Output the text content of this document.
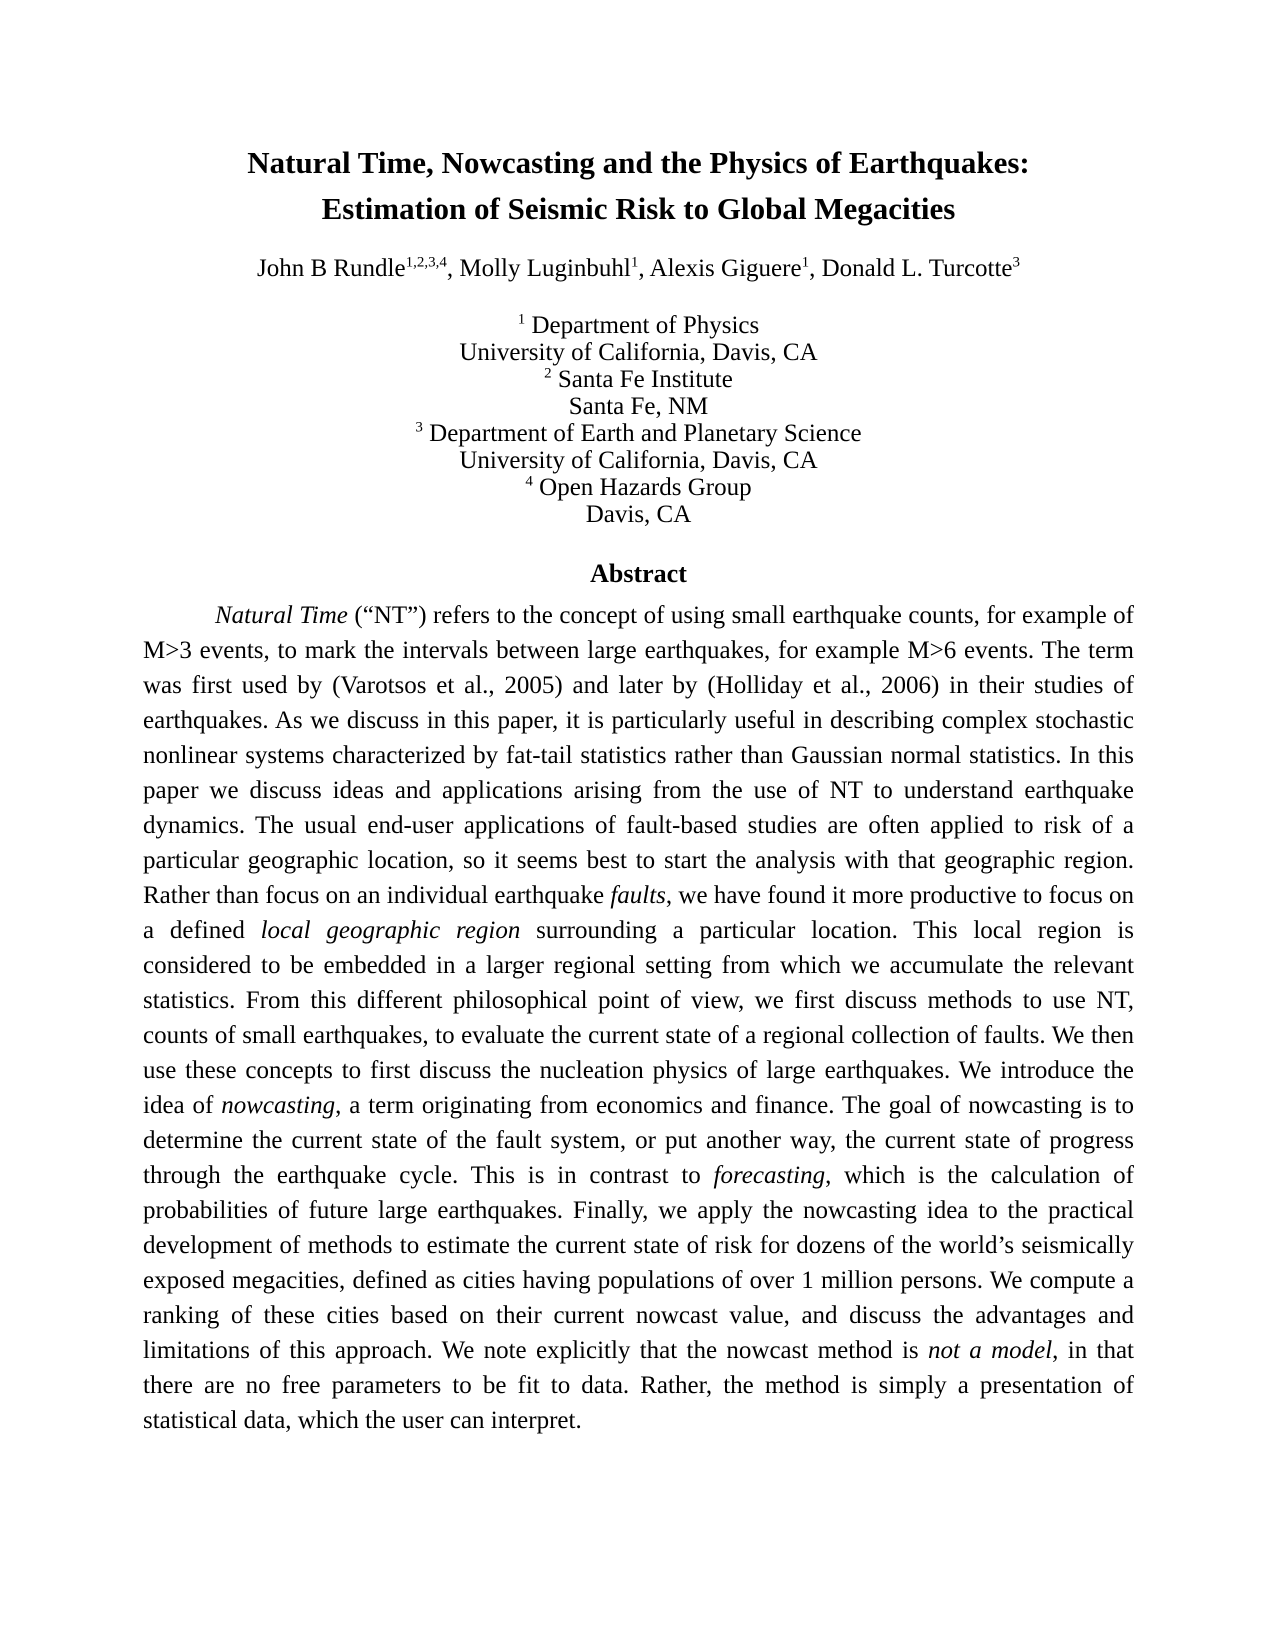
Natural Time, Nowcasting and the Physics of Earthquakes:
Estimation of Seismic Risk to Global Megacities

John B Rundle$^{1,2,3,4}$, Molly Luginbuhl$^1$, Alexis Giguere$^1$, Donald L. Turcotte$^3$

$^1$ Department of Physics
University of California, Davis, CA
$^2$ Santa Fe Institute
Santa Fe, NM
$^3$ Department of Earth and Planetary Science
University of California, Davis, CA
$^4$ Open Hazards Group
Davis, CA
Abstract

Natural Time (“NT”) refers to the concept of using small earthquake counts, for example of M>3 events, to mark the intervals between large earthquakes, for example M>6 events. The term was first used by (Varotsos et al., 2005) and later by (Holliday et al., 2006) in their studies of earthquakes. As we discuss in this paper, it is particularly useful in describing complex stochastic nonlinear systems characterized by fat-tail statistics rather than Gaussian normal statistics. In this paper we discuss ideas and applications arising from the use of NT to understand earthquake dynamics. The usual end-user applications of fault-based studies are often applied to risk of a particular geographic location, so it seems best to start the analysis with that geographic region. Rather than focus on an individual earthquake faults, we have found it more productive to focus on a defined local geographic region surrounding a particular location. This local region is considered to be embedded in a larger regional setting from which we accumulate the relevant statistics. From this different philosophical point of view, we first discuss methods to use NT, counts of small earthquakes, to evaluate the current state of a regional collection of faults. We then use these concepts to first discuss the nucleation physics of large earthquakes. We introduce the idea of nowcasting, a term originating from economics and finance. The goal of nowcasting is to determine the current state of the fault system, or put another way, the current state of progress through the earthquake cycle. This is in contrast to forecasting, which is the calculation of probabilities of future large earthquakes. Finally, we apply the nowcasting idea to the practical development of methods to estimate the current state of risk for dozens of the world’s seismically exposed megacities, defined as cities having populations of over 1 million persons. We compute a ranking of these cities based on their current nowcast value, and discuss the advantages and limitations of this approach. We note explicitly that the nowcast method is not a model, in that there are no free parameters to be fit to data. Rather, the method is simply a presentation of statistical data, which the user can interpret.
